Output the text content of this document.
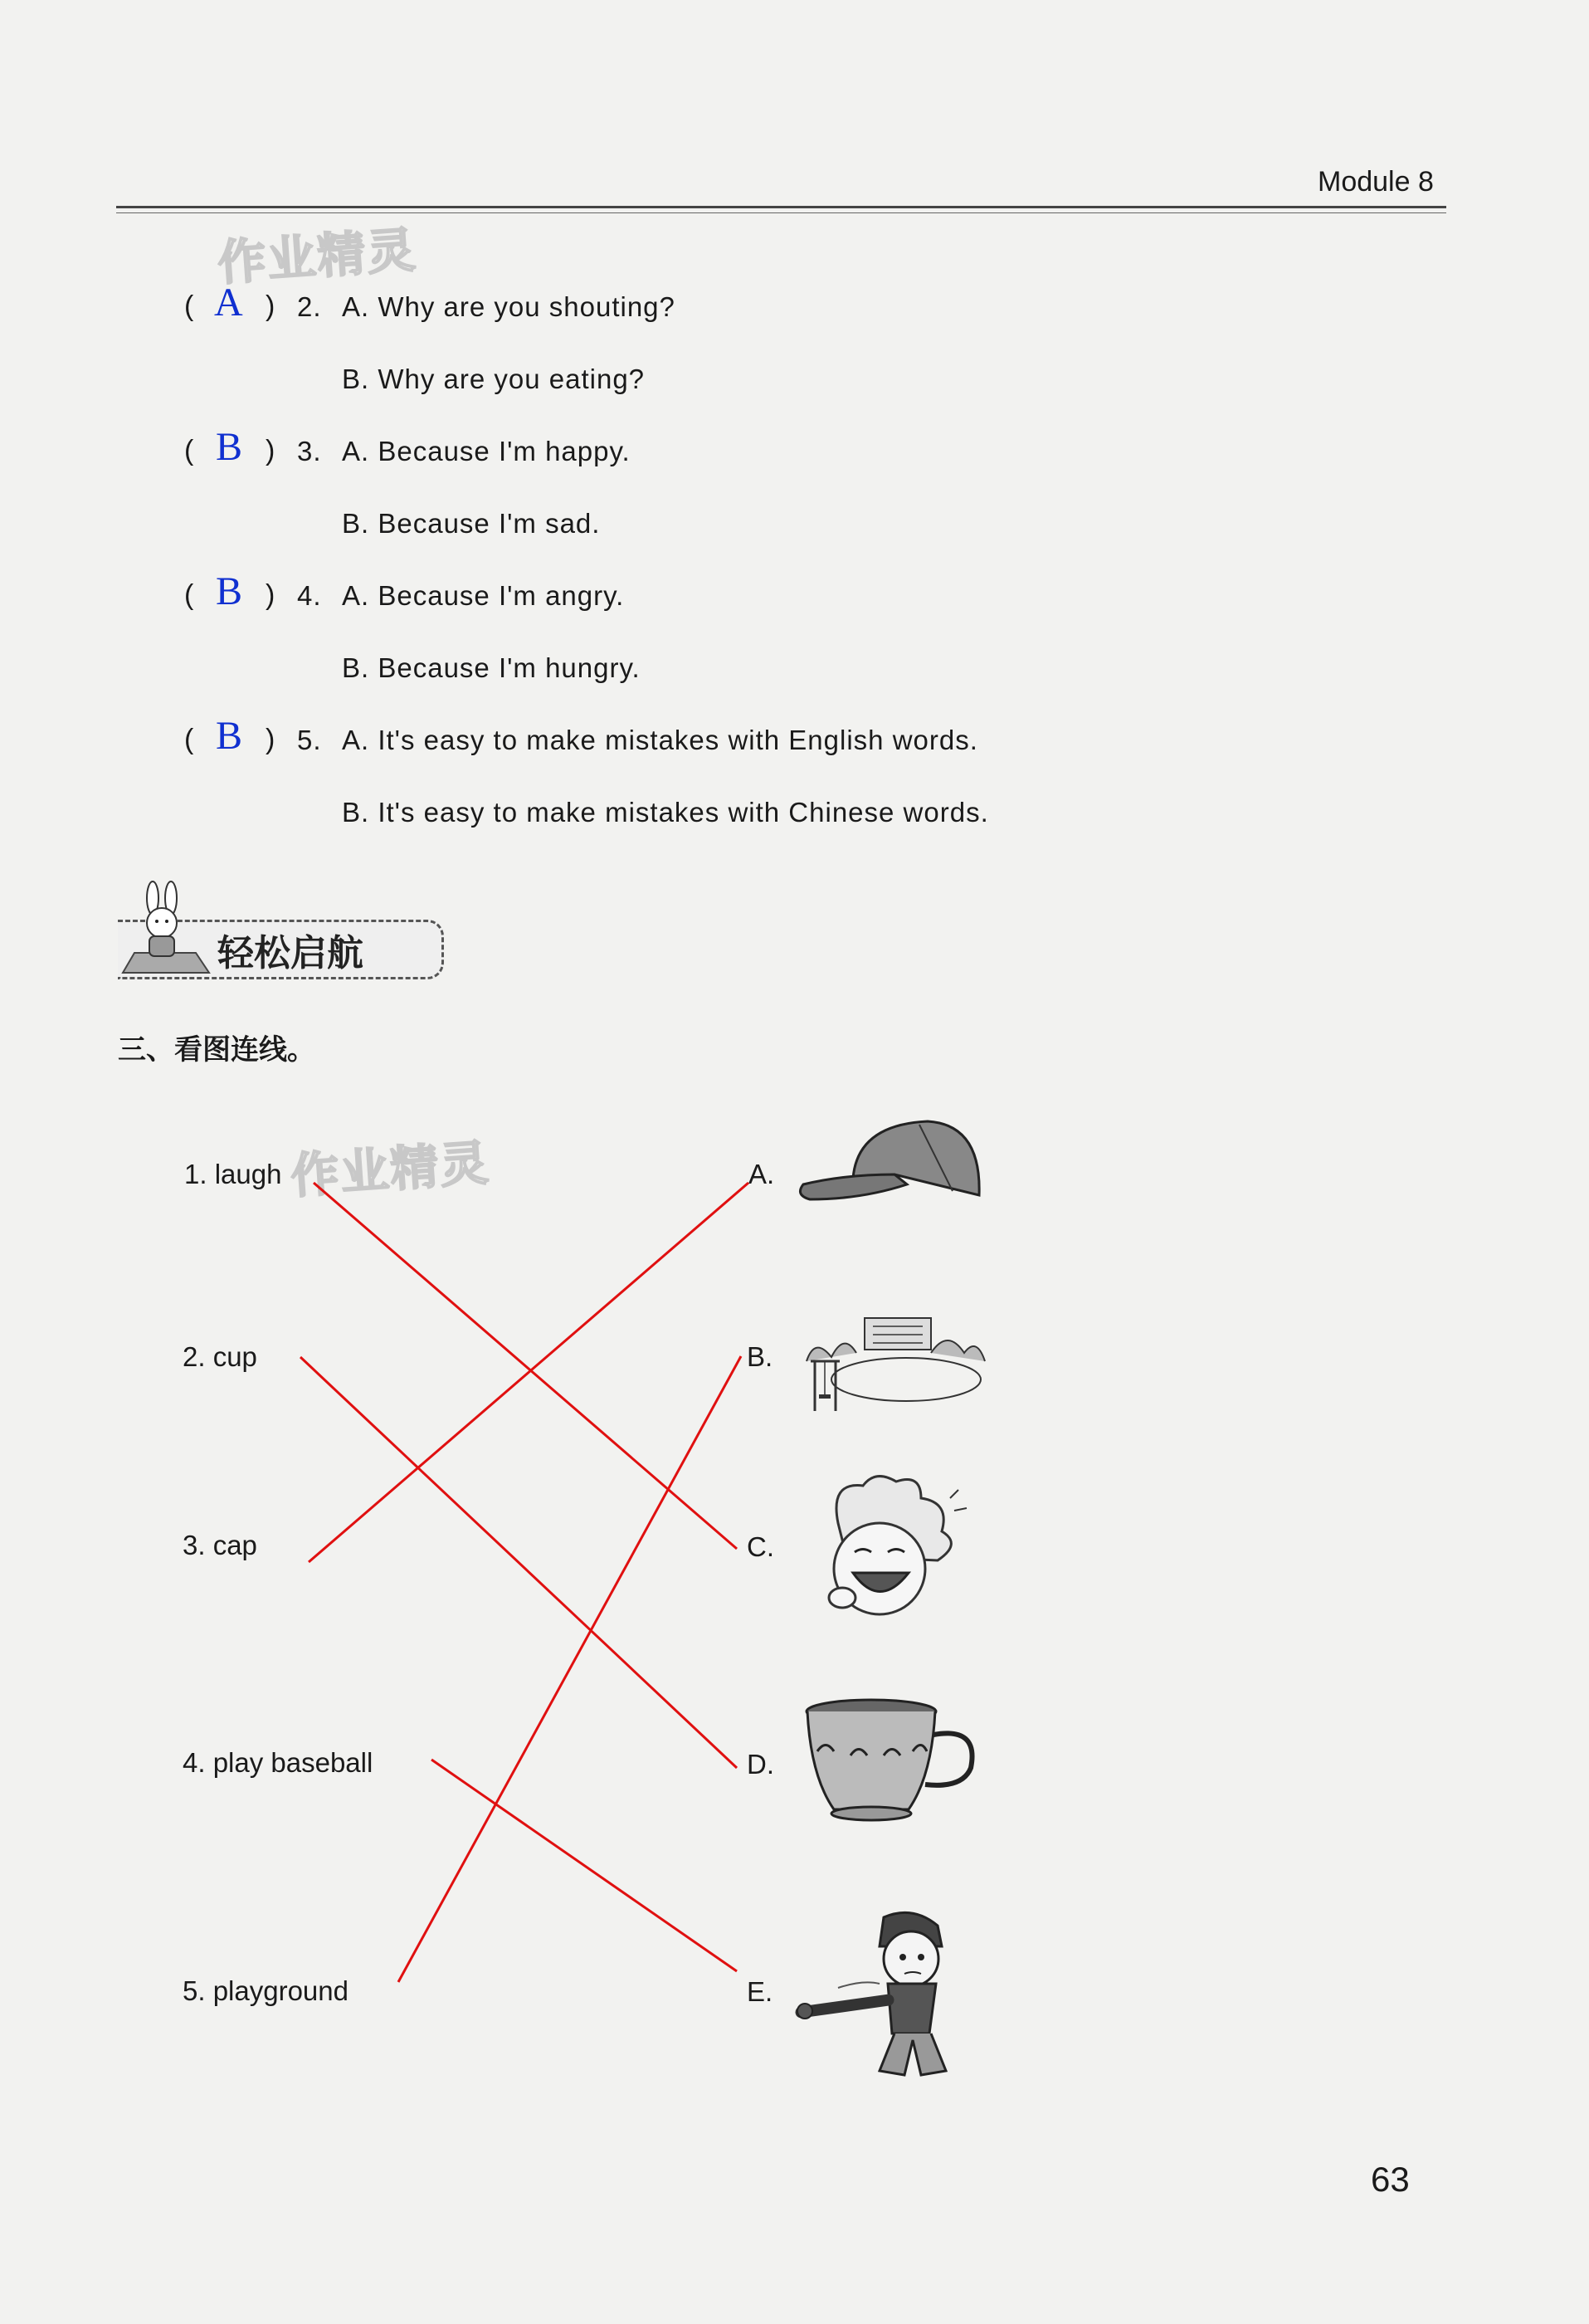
Module 8
作业精灵
( A ) 2. A. Why are you shouting?
B. Why are you eating?
( B ) 3. A. Because I'm happy.
B. Because I'm sad.
( B ) 4. A. Because I'm angry.
B. Because I'm hungry.
( B ) 5. A. It's easy to make mistakes with English words.
B. It's easy to make mistakes with Chinese words.
轻松启航
三、看图连线。
作业精灵
1. laugh
2. cup
3. cap
4. play baseball
5. playground
A.
B.
C.
D.
E.
63
